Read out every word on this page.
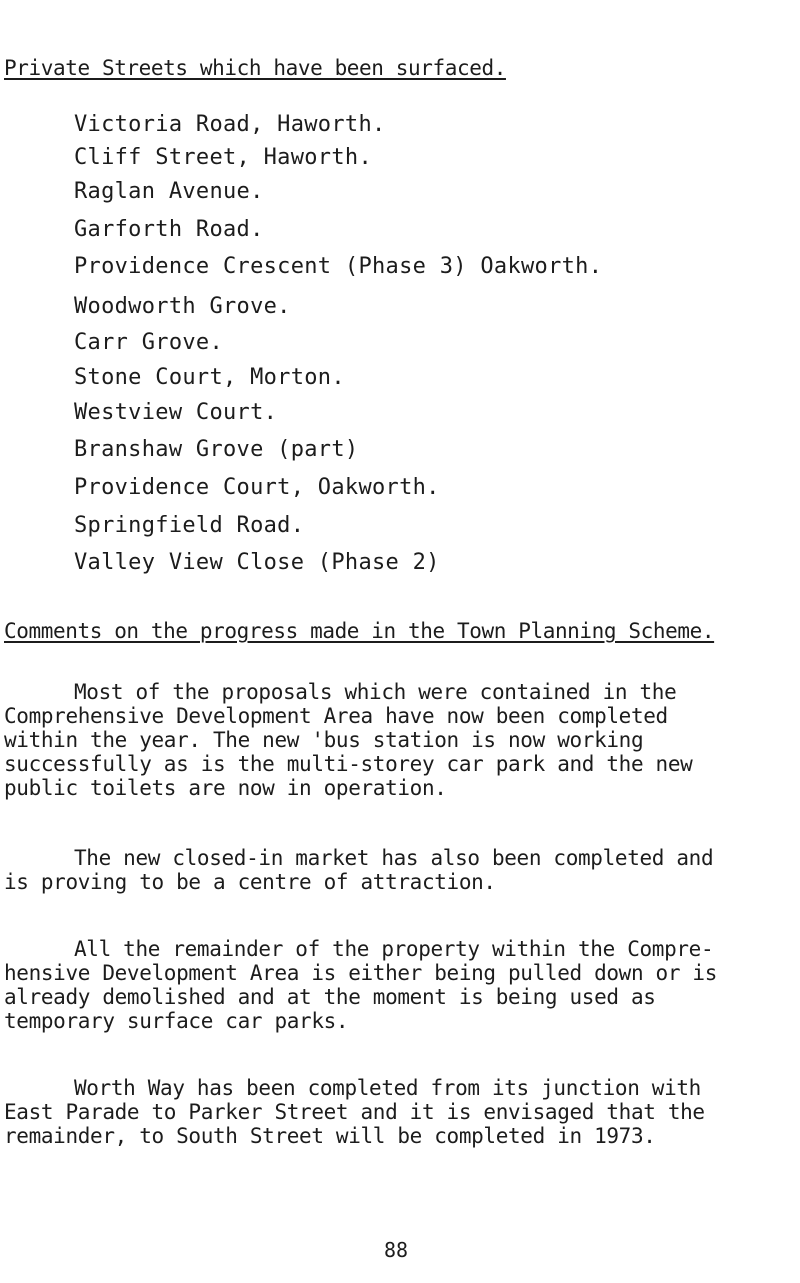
Private Streets which have been surfaced.
Victoria Road, Haworth.
Cliff Street, Haworth.
Raglan Avenue.
Garforth Road.
Providence Crescent (Phase 3) Oakworth.
Woodworth Grove.
Carr Grove.
Stone Court, Morton.
Westview Court.
Branshaw Grove (part)
Providence Court, Oakworth.
Springfield Road.
Valley View Close (Phase 2)
Comments on the progress made in the Town Planning Scheme.
Most of the proposals which were contained in the
Comprehensive Development Area have now been completed
within the year. The new 'bus station is now working
successfully as is the multi-storey car park and the new
public toilets are now in operation.
The new closed-in market has also been completed and
is proving to be a centre of attraction.
All the remainder of the property within the Compre-
hensive Development Area is either being pulled down or is
already demolished and at the moment is being used as
temporary surface car parks.
Worth Way has been completed from its junction with
East Parade to Parker Street and it is envisaged that the
remainder, to South Street will be completed in 1973.
88
